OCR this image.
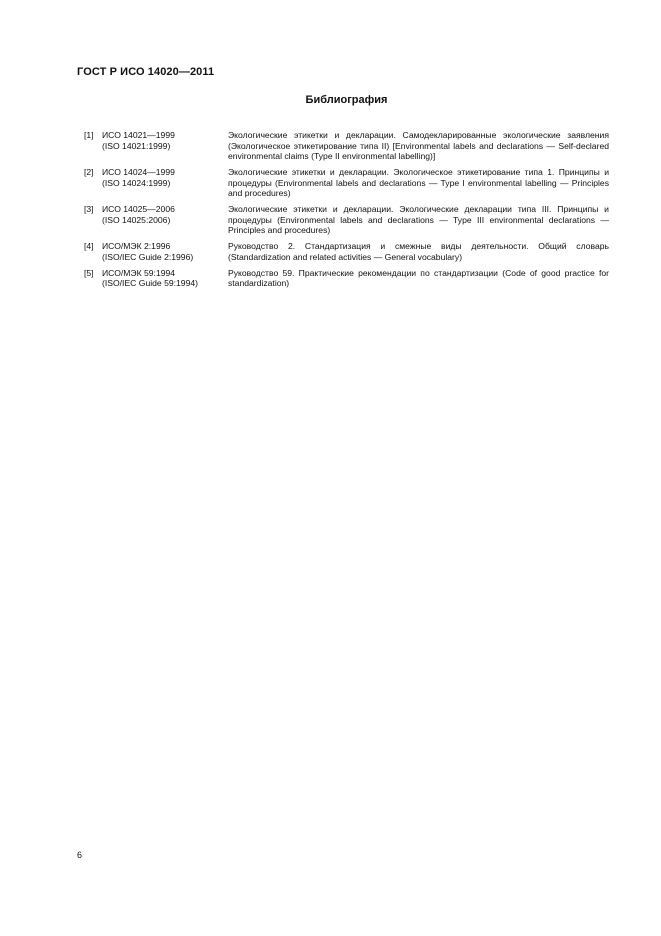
ГОСТ Р ИСО 14020—2011
Библиография
[1] ИСО 14021—1999
(ISO 14021:1999)
Экологические этикетки и декларации. Самодекларированные экологические заявления (Экологическое этикетирование типа II) [Environmental labels and declarations — Self-declared environmental claims (Type II environmental labelling)]
[2] ИСО 14024—1999
(ISO 14024:1999)
Экологические этикетки и декларации. Экологическое этикетирование типа 1. Принципы и процедуры (Environmental labels and declarations — Type I environmental labelling — Principles and procedures)
[3] ИСО 14025—2006
(ISO 14025:2006)
Экологические этикетки и декларации. Экологические декларации типа III. Принципы и процедуры (Environmental labels and declarations — Type III environmental declarations — Principles and procedures)
[4] ИСО/МЭК 2:1996
(ISO/IEC Guide 2:1996)
Руководство 2. Стандартизация и смежные виды деятельности. Общий словарь (Standardization and related activities — General vocabulary)
[5] ИСО/МЭК 59:1994
(ISO/IEC Guide 59:1994)
Руководство 59. Практические рекомендации по стандартизации (Code of good practice for standardization)
6
